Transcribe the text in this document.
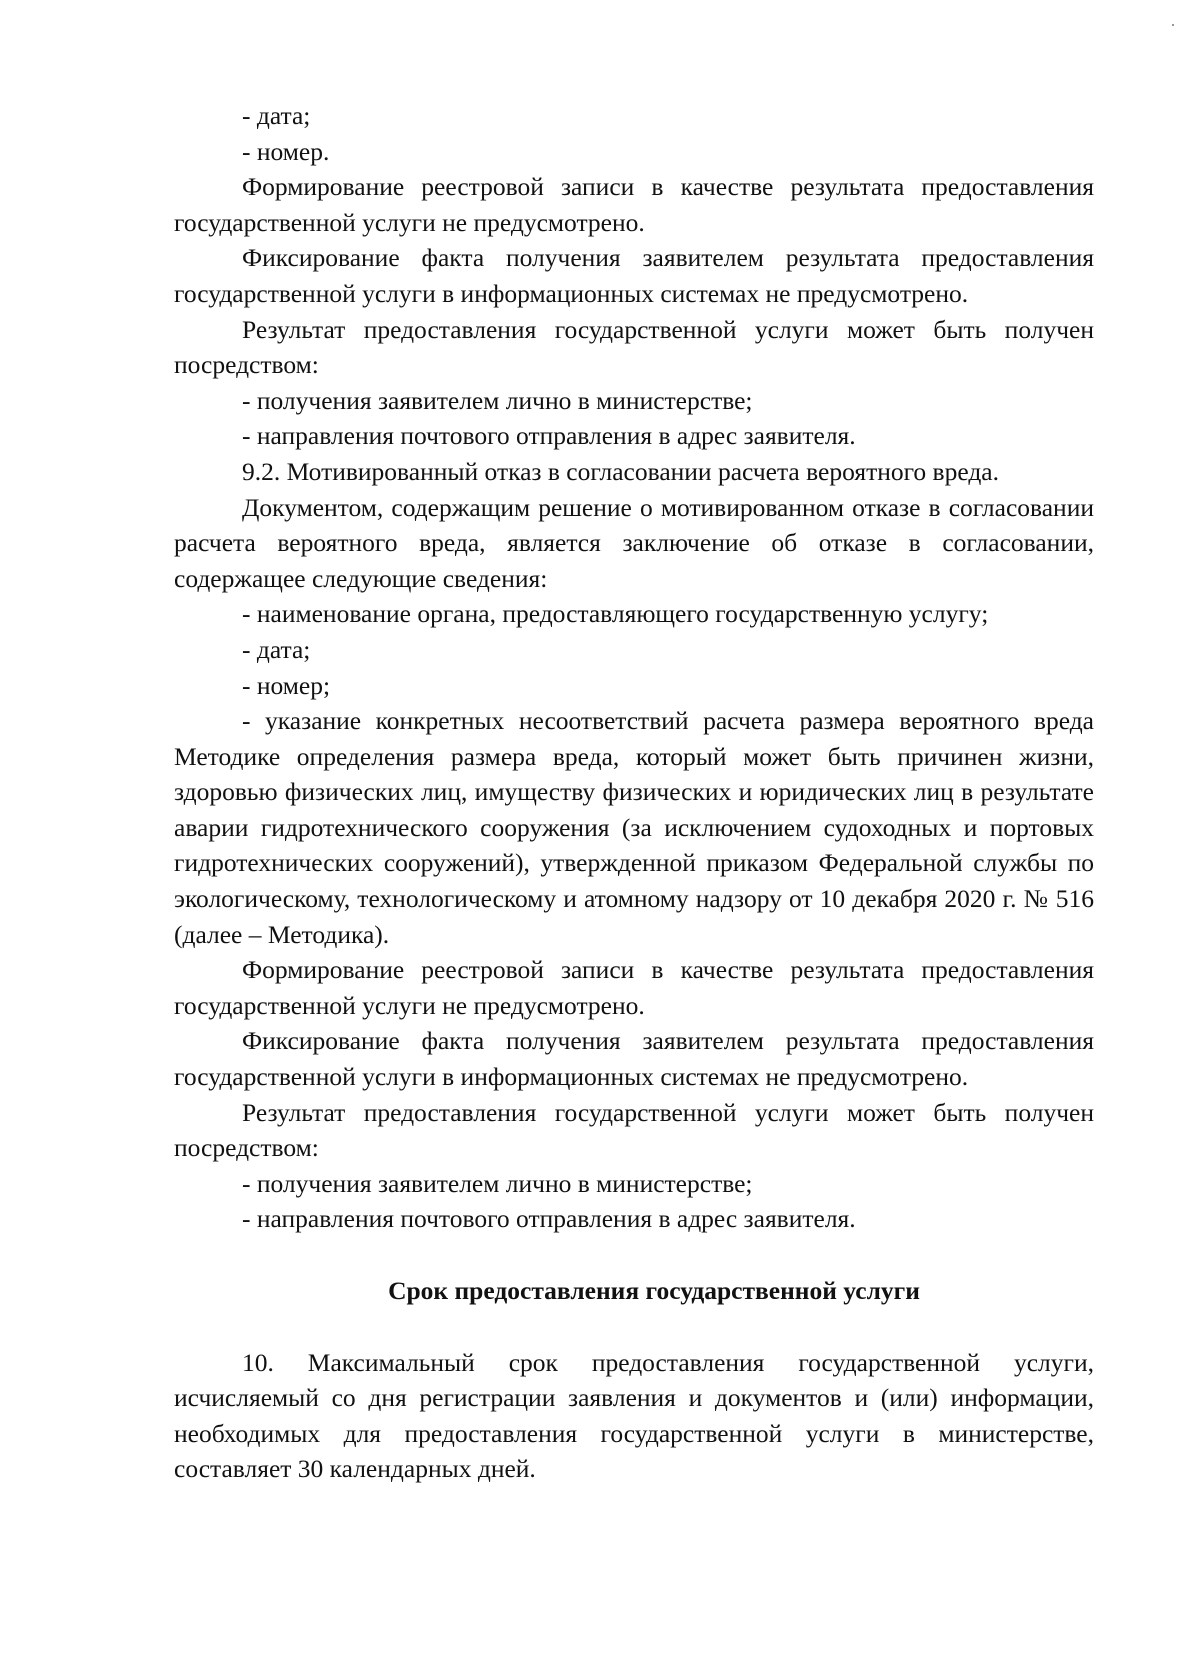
- дата;

- номер.

Формирование реестровой записи в качестве результата предоставления государственной услуги не предусмотрено.

Фиксирование факта получения заявителем результата предоставления государственной услуги в информационных системах не предусмотрено.

Результат предоставления государственной услуги может быть получен посредством:

- получения заявителем лично в министерстве;

- направления почтового отправления в адрес заявителя.

9.2. Мотивированный отказ в согласовании расчета вероятного вреда.

Документом, содержащим решение о мотивированном отказе в согласовании расчета вероятного вреда, является заключение об отказе в согласовании, содержащее следующие сведения:

- наименование органа, предоставляющего государственную услугу;

- дата;

- номер;

- указание конкретных несоответствий расчета размера вероятного вреда Методике определения размера вреда, который может быть причинен жизни, здоровью физических лиц, имуществу физических и юридических лиц в результате аварии гидротехнического сооружения (за исключением судоходных и портовых гидротехнических сооружений), утвержденной приказом Федеральной службы по экологическому, технологическому и атомному надзору от 10 декабря 2020 г. № 516 (далее – Методика).

Формирование реестровой записи в качестве результата предоставления государственной услуги не предусмотрено.

Фиксирование факта получения заявителем результата предоставления государственной услуги в информационных системах не предусмотрено.

Результат предоставления государственной услуги может быть получен посредством:

- получения заявителем лично в министерстве;

- направления почтового отправления в адрес заявителя.

Срок предоставления государственной услуги

10. Максимальный срок предоставления государственной услуги, исчисляемый со дня регистрации заявления и документов и (или) информации, необходимых для предоставления государственной услуги в министерстве, составляет 30 календарных дней.
